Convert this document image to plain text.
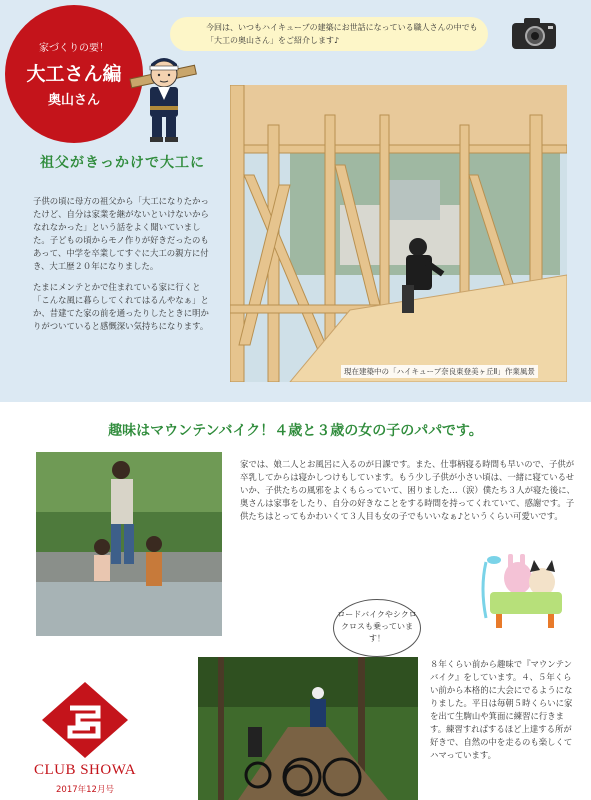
家づくりの要！
大工さん編
奥山さん
今回は、いつもハイキューブの建築にお世話になっている職人さんの中でも「大工の奥山さん」をご紹介します♪
現在建築中の「ハイキューブ奈良東登美ヶ丘Ⅱ」作業風景
祖父がきっかけで大工に

子供の頃に母方の祖父から「大工になりたかったけど、自分は家業を継がないといけないからなれなかった」という話をよく聞いていました。子どもの頃からモノ作りが好きだったのもあって、中学を卒業してすぐに大工の親方に付き、大工歴２０年になりました。

たまにメンテとかで住まれている家に行くと「こんな風に暮らしてくれてはるんやなぁ」とか、昔建てた家の前を通ったりしたときに明かりがついていると感慨深い気持ちになります。

趣味はマウンテンバイク！４歳と３歳の女の子のパパです。
家では、娘二人とお風呂に入るのが日課です。また、仕事柄寝る時間も早いので、子供が卒乳してからは寝かしつけもしています。もう少し子供が小さい頃は、一緒に寝ているせいか、子供たちの風邪をよくもらっていて、困りました…（涙）僕たち３人が寝た後に、奥さんは家事をしたり、自分の好きなことをする時間を持ってくれていて、感謝です。子供たちはとってもかわいくて３人目も女の子でもいいなぁ♪というくらい可愛いです。
ロードバイクやシクロクロスも乗っています！
８年くらい前から趣味で『マウンテンバイク』をしています。４、５年くらい前から本格的に大会にでるようになりました。平日は毎朝５時くらいに家を出て生駒山や箕面に練習に行きます。練習すればするほど上達する所が好きで、自然の中を走るのも楽しくてハマっています。
CLUB SHOWA
2017年12月号
